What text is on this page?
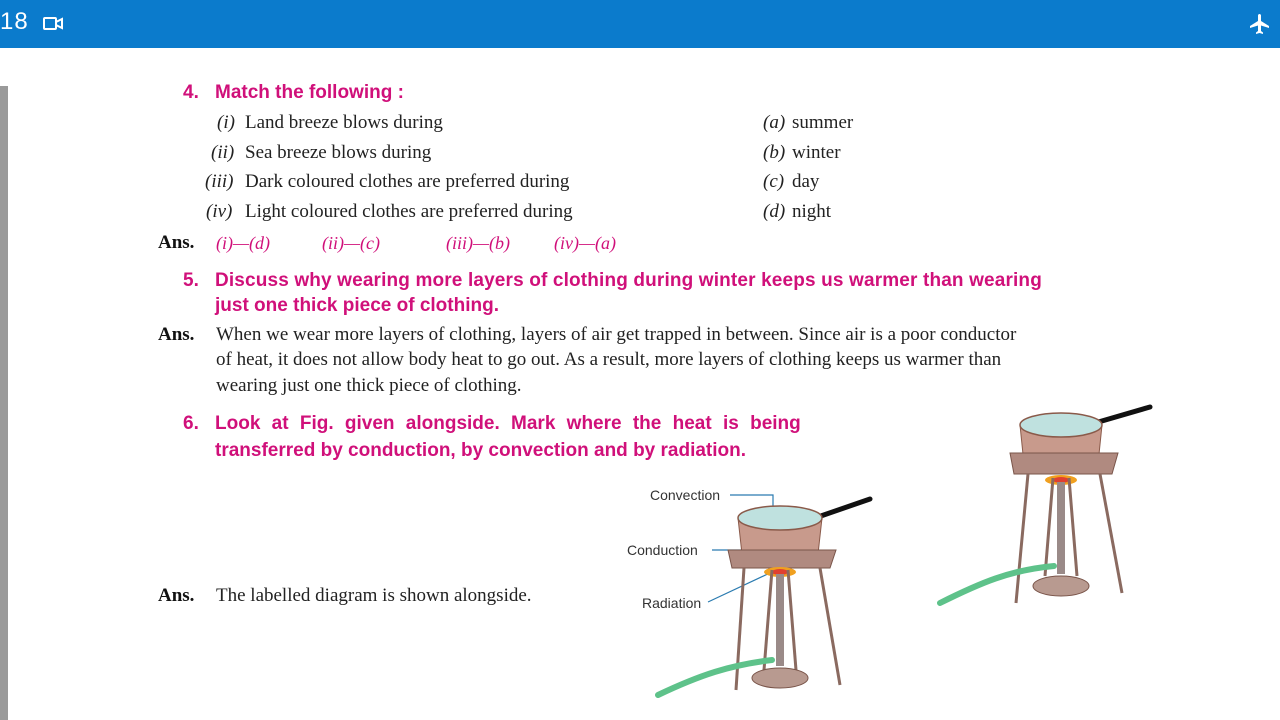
18
4. Match the following :
(i) Land breeze blows during
(ii) Sea breeze blows during
(iii) Dark coloured clothes are preferred during
(iv) Light coloured clothes are preferred during
(a) summer
(b) winter
(c) day
(d) night
Ans. (i)—(d)	(ii)—(c)	(iii)—(b) (iv)—(a)
5. Discuss why wearing more layers of clothing during winter keeps us warmer than wearing
just one thick piece of clothing.
Ans. When we wear more layers of clothing, layers of air get trapped in between. Since air is a poor conductor
of heat, it does not allow body heat to go out. As a result, more layers of clothing keeps us warmer than
wearing just one thick piece of clothing.
6. Look at Fig. given alongside. Mark where the heat is being
transferred by conduction, by convection and by radiation.
Ans. The labelled diagram is shown alongside.
Convection
Conduction
Radiation
